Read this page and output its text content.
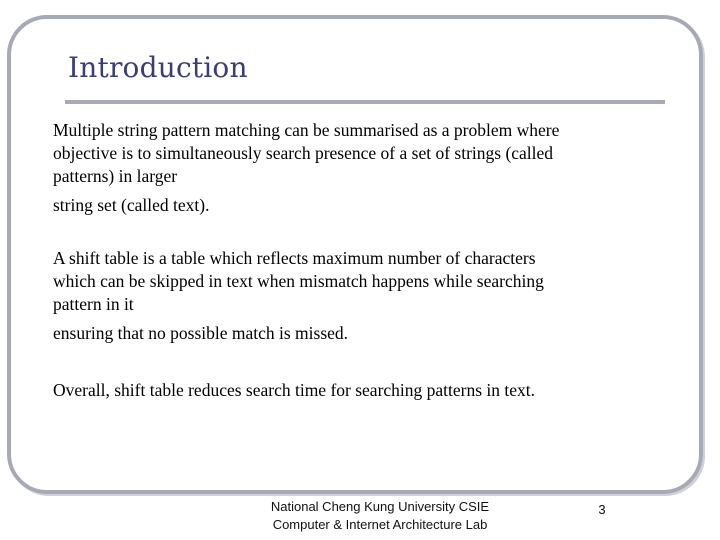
Introduction

Multiple string pattern matching can be summarised as a problem where
objective is to simultaneously search presence of a set of strings (called
patterns) in larger
string set (called text).

A shift table is a table which reflects maximum number of characters
which can be skipped in text when mismatch happens while searching
pattern in it
ensuring that no possible match is missed.

Overall, shift table reduces search time for searching patterns in text.

National Cheng Kung University CSIE
Computer & Internet Architecture Lab
3
